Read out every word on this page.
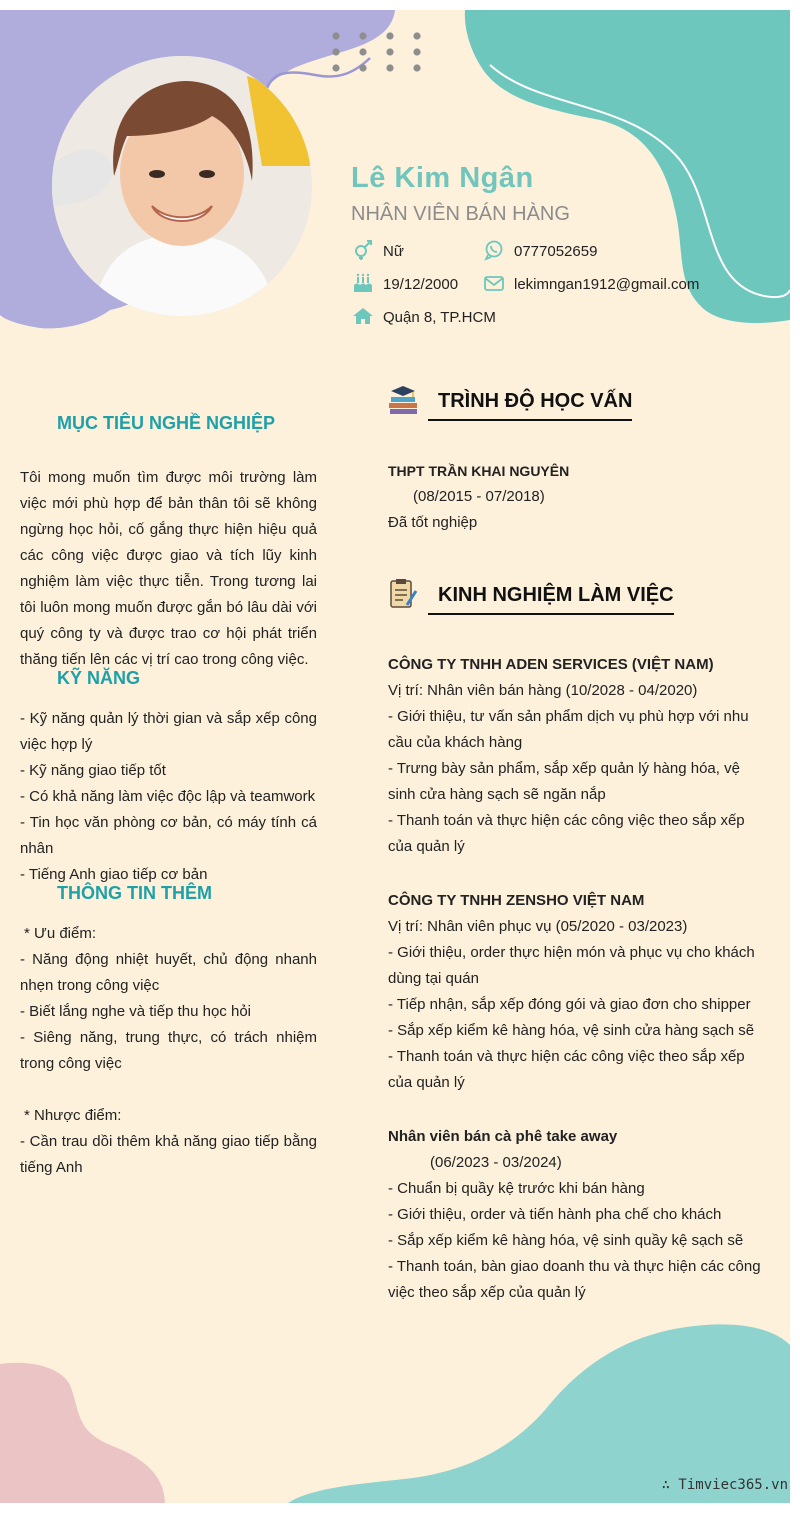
Lê Kim Ngân
NHÂN VIÊN BÁN HÀNG
Nữ	0777052659
19/12/2000	lekimngan1912@gmail.com
Quận 8, TP.HCM
MỤC TIÊU NGHỀ NGHIỆP
Tôi mong muốn tìm được môi trường làm việc mới phù hợp để bản thân tôi sẽ không ngừng học hỏi, cố gắng thực hiện hiệu quả các công việc được giao và tích lũy kinh nghiệm làm việc thực tiễn. Trong tương lai tôi luôn mong muốn được gắn bó lâu dài với quý công ty và được trao cơ hội phát triển thăng tiến lên các vị trí cao trong công việc.
KỸ NĂNG
- Kỹ năng quản lý thời gian và sắp xếp công việc hợp lý
- Kỹ năng giao tiếp tốt
- Có khả năng làm việc độc lập và teamwork
- Tin học văn phòng cơ bản, có máy tính cá nhân
- Tiếng Anh giao tiếp cơ bản
THÔNG TIN THÊM
* Ưu điểm:
- Năng động nhiệt huyết, chủ động nhanh nhẹn trong công việc
- Biết lắng nghe và tiếp thu học hỏi
- Siêng năng, trung thực, có trách nhiệm trong công việc
* Nhược điểm:
- Cần trau dồi thêm khả năng giao tiếp bằng tiếng Anh
TRÌNH ĐỘ HỌC VẤN
THPT TRẦN KHAI NGUYÊN
(08/2015 - 07/2018)
Đã tốt nghiệp
KINH NGHIỆM LÀM VIỆC
CÔNG TY TNHH ADEN SERVICES (VIỆT NAM)
Vị trí: Nhân viên bán hàng (10/2028 - 04/2020)
- Giới thiệu, tư vấn sản phẩm dịch vụ phù hợp với nhu cầu của khách hàng
- Trưng bày sản phẩm, sắp xếp quản lý hàng hóa, vệ sinh cửa hàng sạch sẽ ngăn nắp
- Thanh toán và thực hiện các công việc theo sắp xếp của quản lý
CÔNG TY TNHH ZENSHO VIỆT NAM
Vị trí: Nhân viên phục vụ (05/2020 - 03/2023)
- Giới thiệu, order thực hiện món và phục vụ cho khách dùng tại quán
- Tiếp nhận, sắp xếp đóng gói và giao đơn cho shipper
- Sắp xếp kiểm kê hàng hóa, vệ sinh cửa hàng sạch sẽ
- Thanh toán và thực hiện các công việc theo sắp xếp của quản lý
Nhân viên bán cà phê take away
(06/2023 - 03/2024)
- Chuẩn bị quầy kệ trước khi bán hàng
- Giới thiệu, order và tiến hành pha chế cho khách
- Sắp xếp kiểm kê hàng hóa, vệ sinh quầy kệ sạch sẽ
- Thanh toán, bàn giao doanh thu và thực hiện các công việc theo sắp xếp của quản lý
∴ Timviec365.vn
